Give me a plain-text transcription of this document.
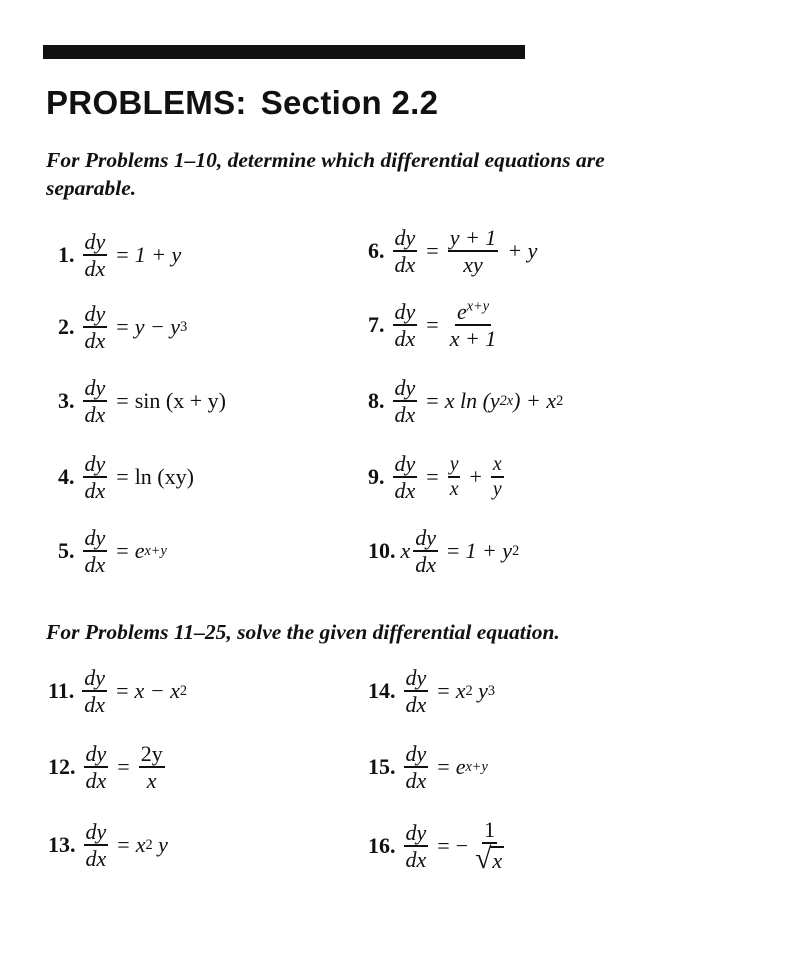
PROBLEMS: Section 2.2

For Problems 1–10, determine which differential equations are
separable.

1. $\frac{dy}{dx} = 1 + y$
2. $\frac{dy}{dx} = y - y$ 3
3. $\frac{dy}{dx} = \sin (x + y)$
4. $\frac{dy}{dx} = \ln (xy)$
5. $\frac{dy}{dx} = e$ x+y
6. $\frac{dy}{dx} = \frac{y + 1}{xy} + y$
7. $\frac{dy}{dx} = \frac{e^{x+y}}{x + 1}$
8. $\frac{dy}{dx} = x$ ln (y 2x ) + x 2
9. $\frac{dy}{dx} = \frac{y}{x} + \frac{x}{y}$
10. x $\frac{dy}{dx} = 1 + y$ 2

For Problems 11–25, solve the given differential equation.

11. $\frac{dy}{dx} = x - x$ 2
12. $\frac{dy}{dx} = \frac{2y}{x}$
13. $\frac{dy}{dx} = x$ 2
y
14. $\frac{dy}{dx} = x$ 2
y 3
15. $\frac{dy}{dx} = e$ x+y
16. $\frac{dy}{dx}$ = − $\frac{1}{√ x}$
